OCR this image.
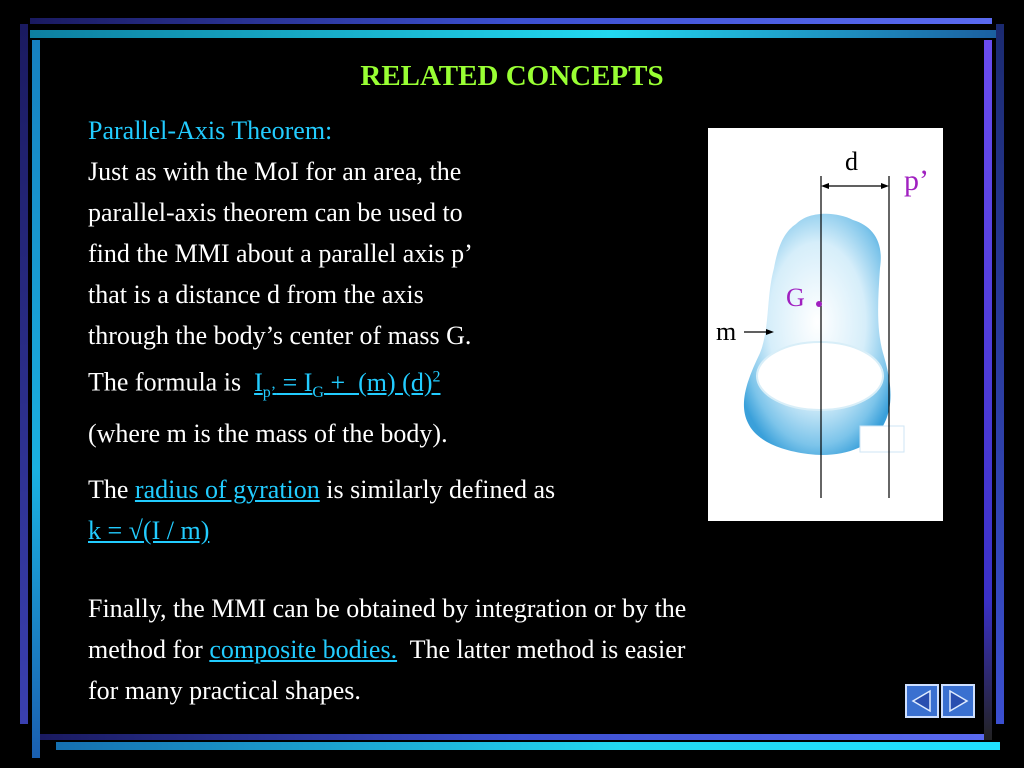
RELATED CONCEPTS
Parallel-Axis Theorem:
Just as with the MoI for an area, the
parallel-axis theorem can be used to
find the MMI about a parallel axis p’
that is a distance d from the axis
through the body’s center of mass G.
The formula is  $I_{p’} = I_G + (m)$ $(d)^2$
(where m is the mass of the body).
The radius of gyration is similarly defined as
k = √(I / m)
Finally, the MMI can be obtained by integration or by the
method for composite bodies.  The latter method is easier
for many practical shapes.
d
p’
G
m
